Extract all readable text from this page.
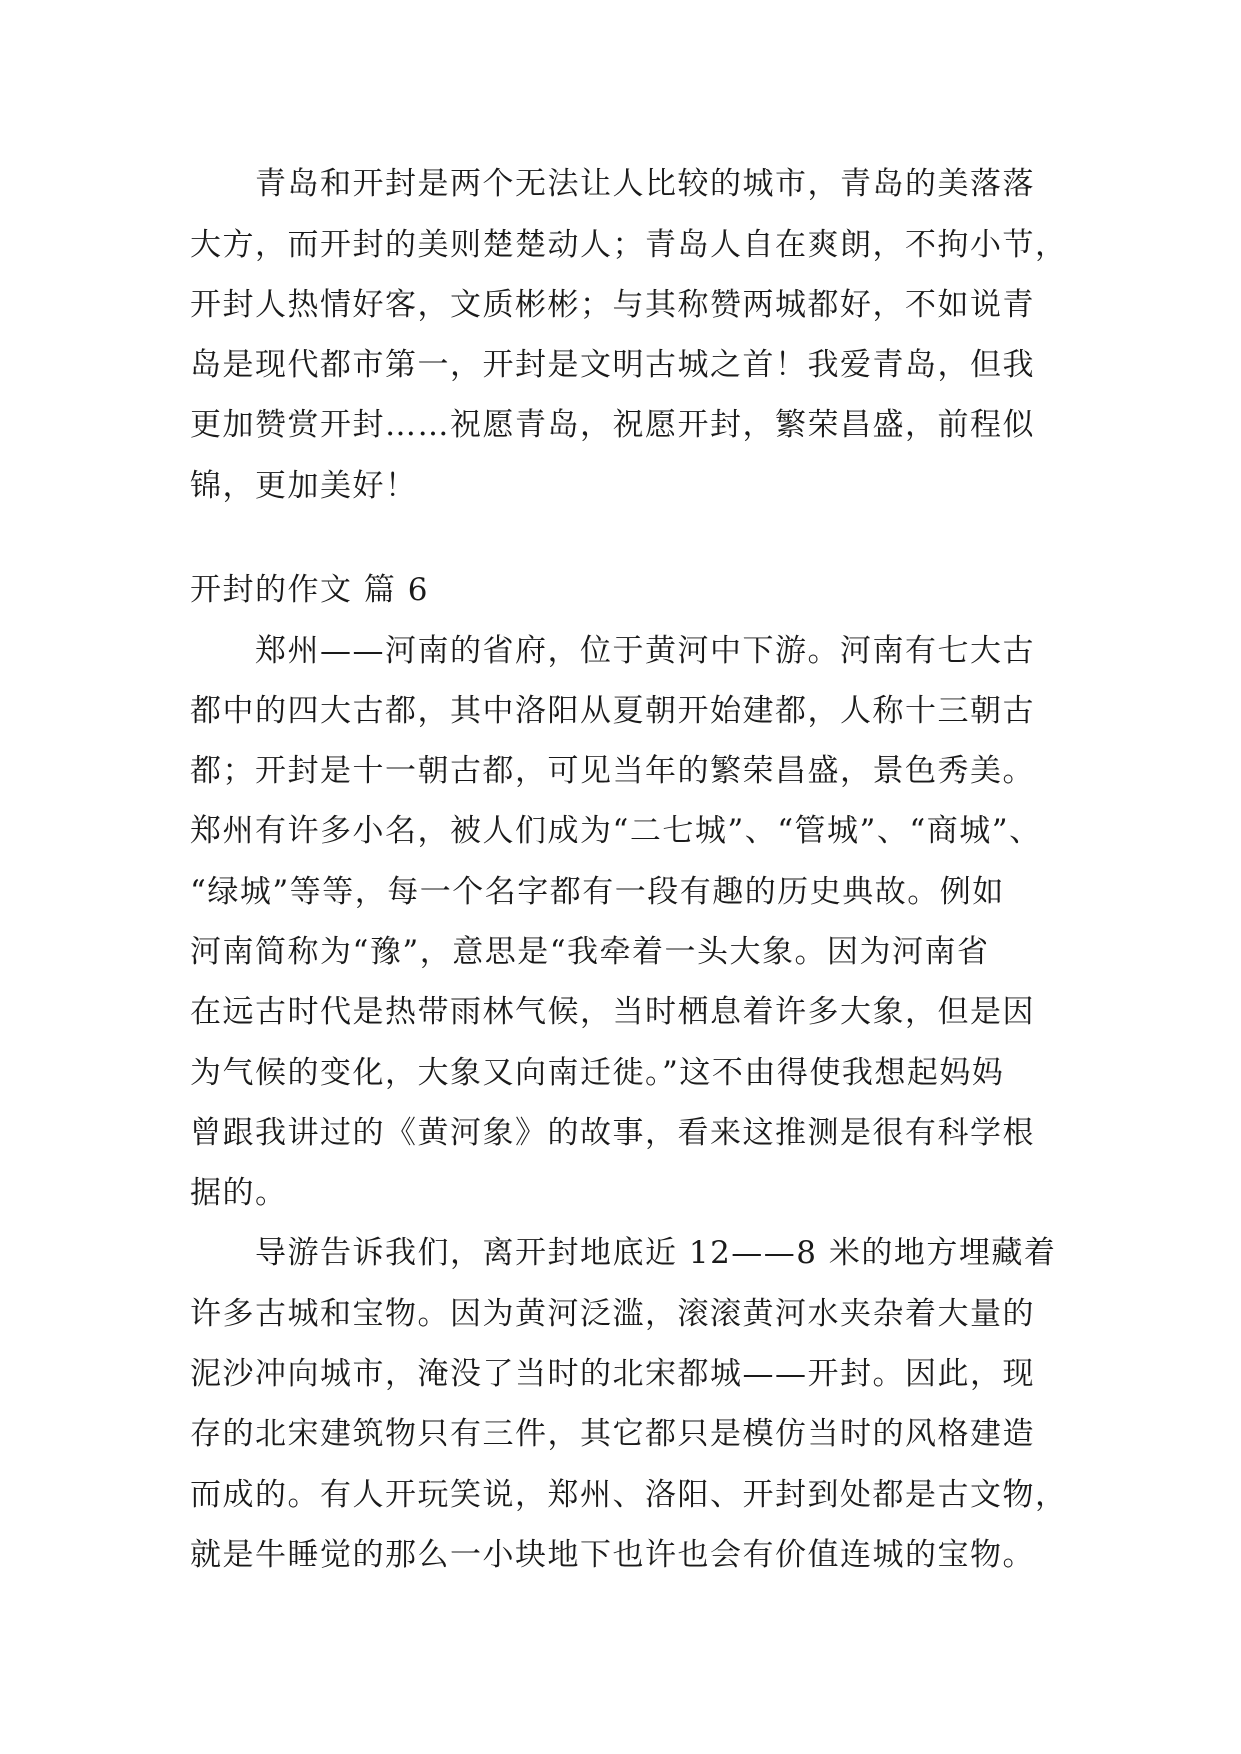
青岛和开封是两个无法让人比较的城市，青岛的美落落
大方，而开封的美则楚楚动人；青岛人自在爽朗，不拘小节，
开封人热情好客，文质彬彬；与其称赞两城都好，不如说青
岛是现代都市第一，开封是文明古城之首！我爱青岛，但我
更加赞赏开封……祝愿青岛，祝愿开封，繁荣昌盛，前程似
锦，更加美好！
开封的作文 篇 6
郑州——河南的省府，位于黄河中下游。河南有七大古
都中的四大古都，其中洛阳从夏朝开始建都，人称十三朝古
都；开封是十一朝古都，可见当年的繁荣昌盛，景色秀美。
郑州有许多小名，被人们成为“二七城”、“管城”、“商城”、
“绿城”等等，每一个名字都有一段有趣的历史典故。例如
河南简称为“豫”，意思是“我牵着一头大象。因为河南省
在远古时代是热带雨林气候，当时栖息着许多大象，但是因
为气候的变化，大象又向南迁徙。”这不由得使我想起妈妈
曾跟我讲过的《黄河象》的故事，看来这推测是很有科学根
据的。
导游告诉我们，离开封地底近 12——8 米的地方埋藏着
许多古城和宝物。因为黄河泛滥，滚滚黄河水夹杂着大量的
泥沙冲向城市，淹没了当时的北宋都城——开封。因此，现
存的北宋建筑物只有三件，其它都只是模仿当时的风格建造
而成的。有人开玩笑说，郑州、洛阳、开封到处都是古文物，
就是牛睡觉的那么一小块地下也许也会有价值连城的宝物。
